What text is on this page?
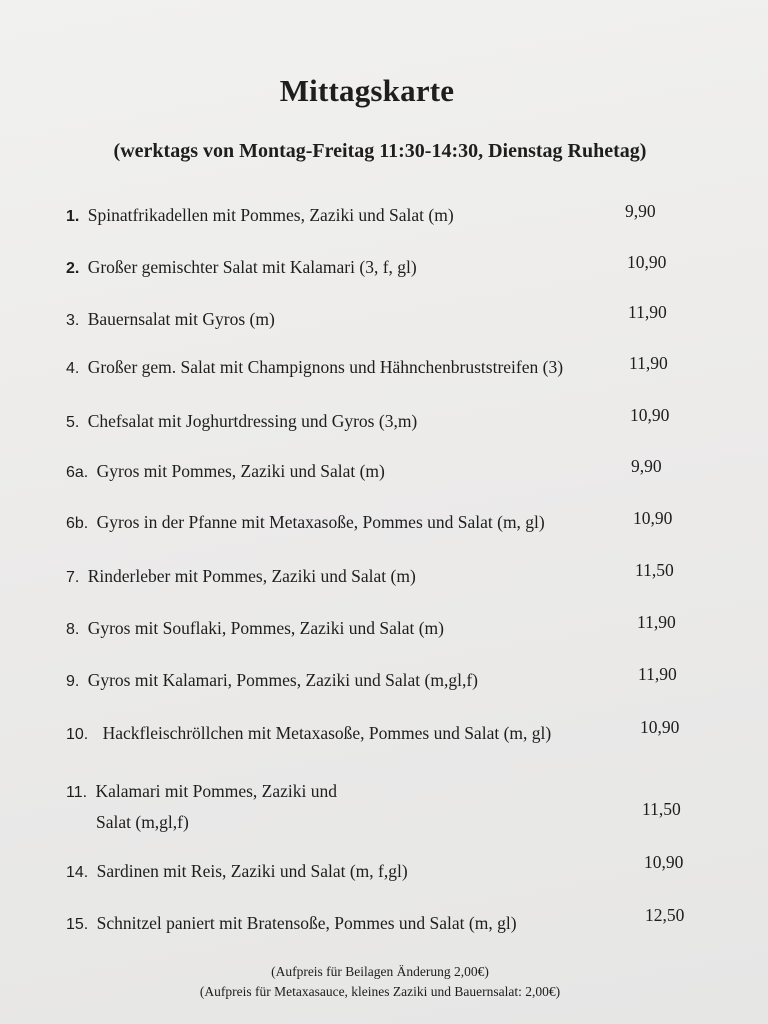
Mittagskarte
(werktags von Montag-Freitag 11:30-14:30, Dienstag Ruhetag)
1. Spinatfrikadellen mit Pommes, Zaziki und Salat (m)	9,90
2. Großer gemischter Salat mit Kalamari (3, f, gl)	10,90
3. Bauernsalat mit Gyros (m)	11,90
4. Großer gem. Salat mit Champignons und Hähnchenbruststreifen (3)	11,90
5. Chefsalat mit Joghurtdressing und Gyros (3,m)	10,90
6a. Gyros mit Pommes, Zaziki und Salat (m)	9,90
6b. Gyros in der Pfanne mit Metaxasoße, Pommes und Salat (m, gl)	10,90
7. Rinderleber mit Pommes, Zaziki und Salat (m)	11,50
8. Gyros mit Souflaki, Pommes, Zaziki und Salat (m)	11,90
9. Gyros mit Kalamari, Pommes, Zaziki und Salat (m,gl,f)	11,90
10. Hackfleischröllchen mit Metaxasoße, Pommes und Salat (m, gl)	10,90
11. Kalamari mit Pommes, Zaziki und
Salat (m,gl,f)
11,50
14. Sardinen mit Reis, Zaziki und Salat (m, f,gl)	10,90
15. Schnitzel paniert mit Bratensoße, Pommes und Salat (m, gl)	12,50
(Aufpreis für Beilagen Änderung 2,00€)
(Aufpreis für Metaxasauce, kleines Zaziki und Bauernsalat: 2,00€)
